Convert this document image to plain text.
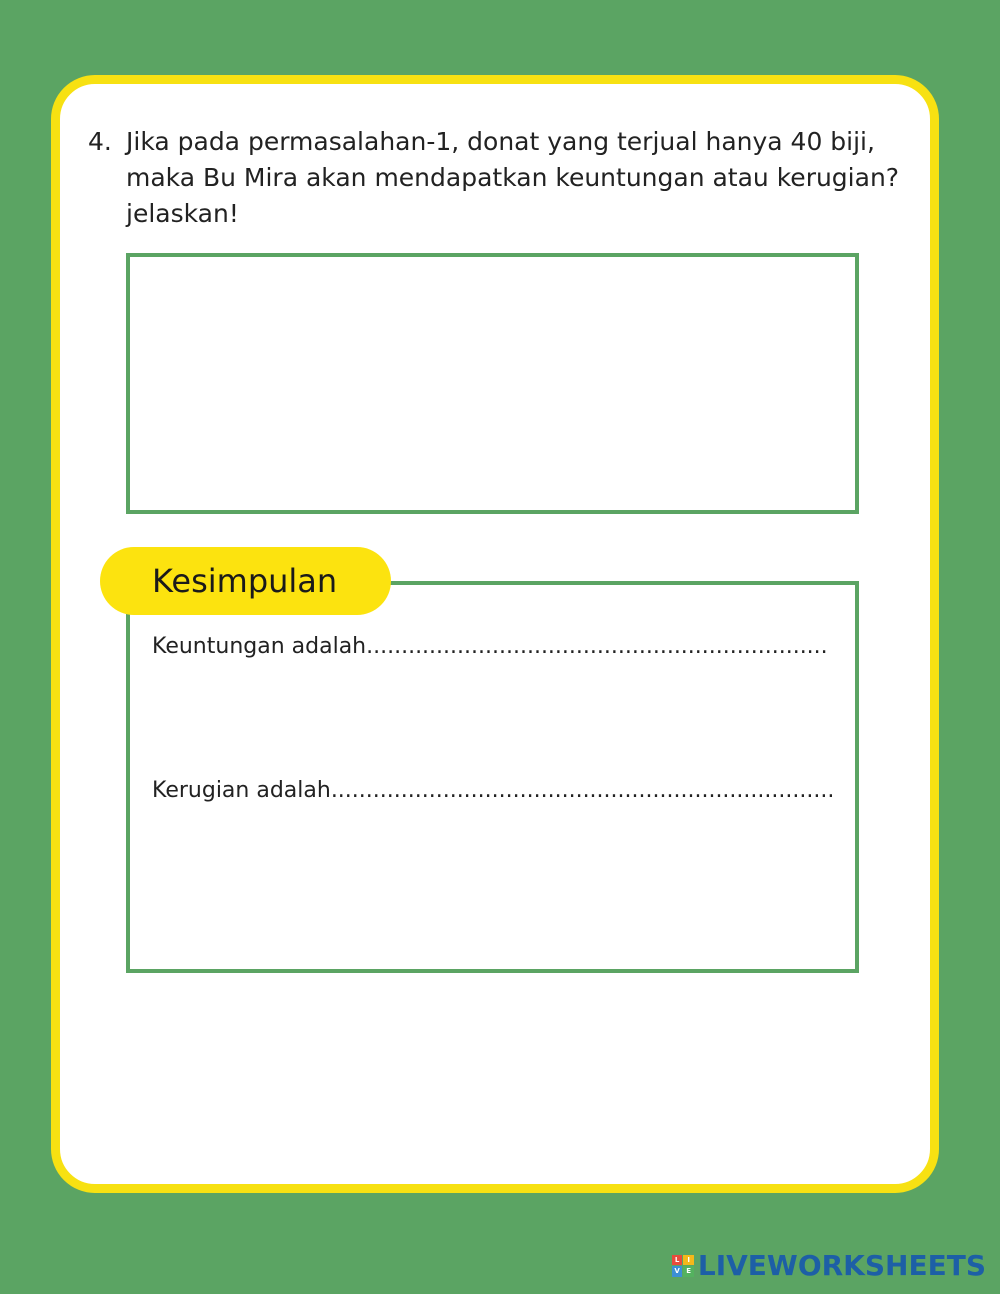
4. Jika pada permasalahan-1, donat yang terjual hanya 40 biji, maka Bu Mira akan mendapatkan keuntungan atau kerugian? jelaskan!
Kesimpulan
Keuntungan adalah..................................................................
Kerugian adalah........................................................................
L	I
V E LIVEWORKSHEETS
